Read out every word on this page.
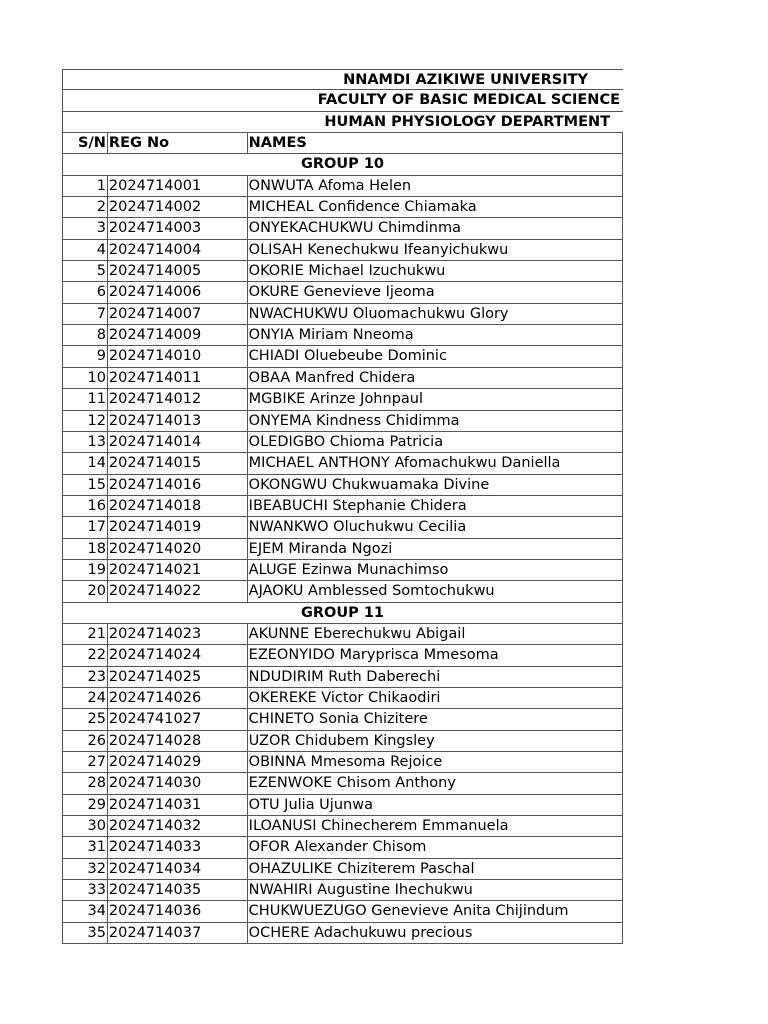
NNAMDI AZIKIWE UNIVERSITY
FACULTY OF BASIC MEDICAL SCIENCE
HUMAN PHYSIOLOGY DEPARTMENT
S/N REG No	NAMES
GROUP 10
1 2024714001	ONWUTA Afoma Helen
2 2024714002	MICHEAL Confidence Chiamaka
3 2024714003	ONYEKACHUKWU Chimdinma
4 2024714004	OLISAH Kenechukwu Ifeanyichukwu
5 2024714005	OKORIE Michael Izuchukwu
6 2024714006	OKURE Genevieve Ijeoma
7 2024714007	NWACHUKWU Oluomachukwu Glory
8 2024714009	ONYIA Miriam Nneoma
9 2024714010	CHIADI Oluebeube Dominic
10 2024714011	OBAA Manfred Chidera
11 2024714012	MGBIKE Arinze Johnpaul
12 2024714013	ONYEMA Kindness Chidimma
13 2024714014	OLEDIGBO Chioma Patricia
14 2024714015	MICHAEL ANTHONY Afomachukwu Daniella
15 2024714016	OKONGWU Chukwuamaka Divine
16 2024714018	IBEABUCHI Stephanie Chidera
17 2024714019	NWANKWO Oluchukwu Cecilia
18 2024714020	EJEM Miranda Ngozi
19 2024714021	ALUGE Ezinwa Munachimso
20 2024714022	AJAOKU Amblessed Somtochukwu
GROUP 11
21 2024714023	AKUNNE Eberechukwu Abigail
22 2024714024	EZEONYIDO Maryprisca Mmesoma
23 2024714025	NDUDIRIM Ruth Daberechi
24 2024714026	OKEREKE Victor Chikaodiri
25 2024741027	CHINETO Sonia Chizitere
26 2024714028	UZOR Chidubem Kingsley
27 2024714029	OBINNA Mmesoma Rejoice
28 2024714030	EZENWOKE Chisom Anthony
29 2024714031	OTU Julia Ujunwa
30 2024714032	ILOANUSI Chinecherem Emmanuela
31 2024714033	OFOR Alexander Chisom
32 2024714034	OHAZULIKE Chiziterem Paschal
33 2024714035	NWAHIRI Augustine Ihechukwu
34 2024714036	CHUKWUEZUGO Genevieve Anita Chijindum
35 2024714037	OCHERE Adachukuwu precious
